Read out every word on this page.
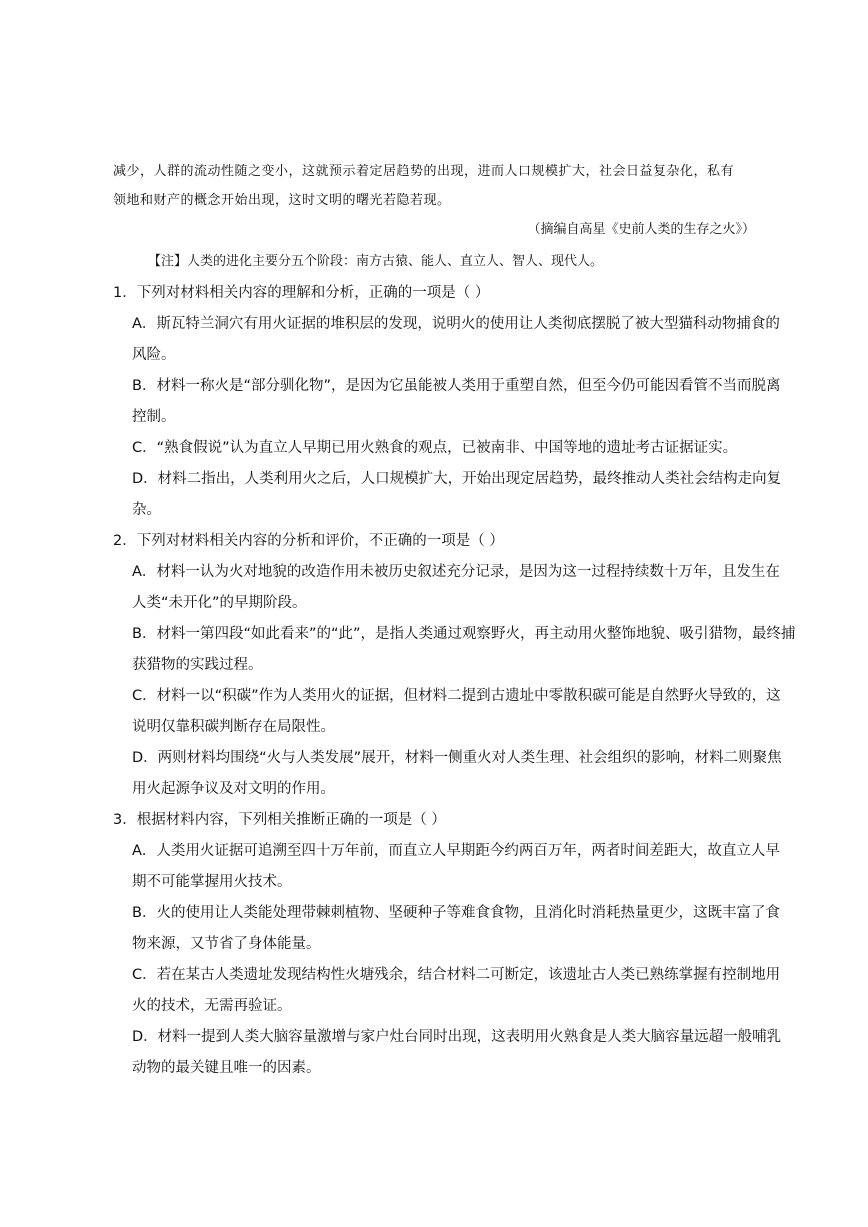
减少，人群的流动性随之变小，这就预示着定居趋势的出现，进而人口规模扩大，社会日益复杂化，私有
领地和财产的概念开始出现，这时文明的曙光若隐若现。
（摘编自高星《史前人类的生存之火》）
【注】人类的进化主要分五个阶段：南方古猿、能人、直立人、智人、现代人。
1．下列对材料相关内容的理解和分析，正确的一项是（ ）
A．斯瓦特兰洞穴有用火证据的堆积层的发现，说明火的使用让人类彻底摆脱了被大型猫科动物捕食的
风险。
B．材料一称火是“部分驯化物”，是因为它虽能被人类用于重塑自然，但至今仍可能因看管不当而脱离
控制。
C．“熟食假说”认为直立人早期已用火熟食的观点，已被南非、中国等地的遗址考古证据证实。
D．材料二指出，人类利用火之后，人口规模扩大，开始出现定居趋势，最终推动人类社会结构走向复
杂。
2．下列对材料相关内容的分析和评价，不正确的一项是（ ）
A．材料一认为火对地貌的改造作用未被历史叙述充分记录，是因为这一过程持续数十万年，且发生在
人类“未开化”的早期阶段。
B．材料一第四段“如此看来”的“此”，是指人类通过观察野火，再主动用火整饰地貌、吸引猎物，最终捕
获猎物的实践过程。
C．材料一以“积碳”作为人类用火的证据，但材料二提到古遗址中零散积碳可能是自然野火导致的，这
说明仅靠积碳判断存在局限性。
D．两则材料均围绕“火与人类发展”展开，材料一侧重火对人类生理、社会组织的影响，材料二则聚焦
用火起源争议及对文明的作用。
3．根据材料内容，下列相关推断正确的一项是（ ）
A．人类用火证据可追溯至四十万年前，而直立人早期距今约两百万年，两者时间差距大，故直立人早
期不可能掌握用火技术。
B．火的使用让人类能处理带棘刺植物、坚硬种子等难食食物，且消化时消耗热量更少，这既丰富了食
物来源，又节省了身体能量。
C．若在某古人类遗址发现结构性火塘残余，结合材料二可断定，该遗址古人类已熟练掌握有控制地用
火的技术，无需再验证。
D．材料一提到人类大脑容量激增与家户灶台同时出现，这表明用火熟食是人类大脑容量远超一般哺乳
动物的最关键且唯一的因素。
